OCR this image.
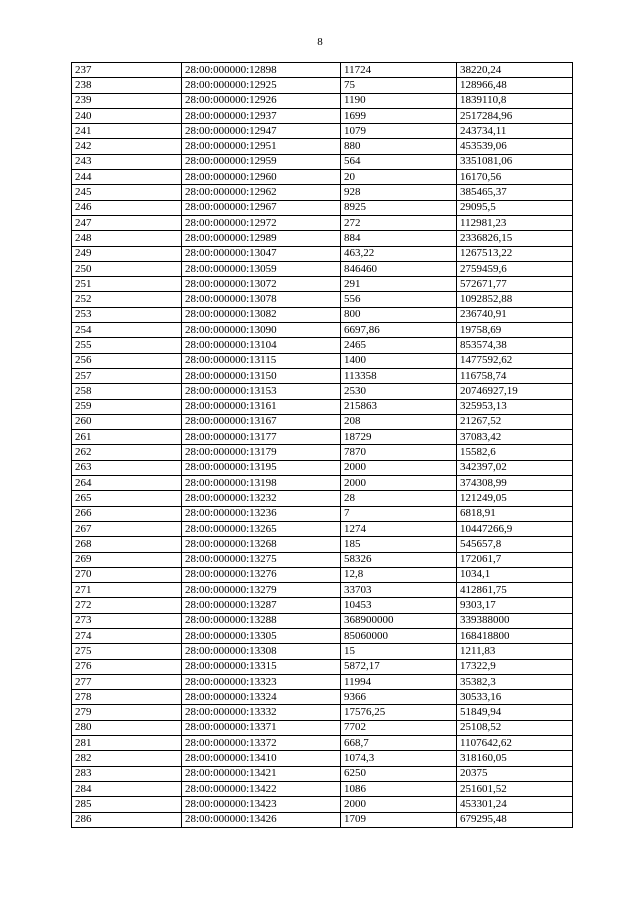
8
237	28:00:000000:12898	11724	38220,24
238	28:00:000000:12925	75	128966,48
239	28:00:000000:12926	1190	1839110,8
240	28:00:000000:12937	1699	2517284,96
241	28:00:000000:12947	1079	243734,11
242	28:00:000000:12951	880	453539,06
243	28:00:000000:12959	564	3351081,06
244	28:00:000000:12960	20	16170,56
245	28:00:000000:12962	928	385465,37
246	28:00:000000:12967	8925	29095,5
247	28:00:000000:12972	272	112981,23
248	28:00:000000:12989	884	2336826,15
249	28:00:000000:13047	463,22	1267513,22
250	28:00:000000:13059	846460	2759459,6
251	28:00:000000:13072	291	572671,77
252	28:00:000000:13078	556	1092852,88
253	28:00:000000:13082	800	236740,91
254	28:00:000000:13090	6697,86	19758,69
255	28:00:000000:13104	2465	853574,38
256	28:00:000000:13115	1400	1477592,62
257	28:00:000000:13150	113358	116758,74
258	28:00:000000:13153	2530	20746927,19
259	28:00:000000:13161	215863	325953,13
260	28:00:000000:13167	208	21267,52
261	28:00:000000:13177	18729	37083,42
262	28:00:000000:13179	7870	15582,6
263	28:00:000000:13195	2000	342397,02
264	28:00:000000:13198	2000	374308,99
265	28:00:000000:13232	28	121249,05
266	28:00:000000:13236	7	6818,91
267	28:00:000000:13265	1274	10447266,9
268	28:00:000000:13268	185	545657,8
269	28:00:000000:13275	58326	172061,7
270	28:00:000000:13276	12,8	1034,1
271	28:00:000000:13279	33703	412861,75
272	28:00:000000:13287	10453	9303,17
273	28:00:000000:13288	368900000	339388000
274	28:00:000000:13305	85060000	168418800
275	28:00:000000:13308	15	1211,83
276	28:00:000000:13315	5872,17	17322,9
277	28:00:000000:13323	11994	35382,3
278	28:00:000000:13324	9366	30533,16
279	28:00:000000:13332	17576,25	51849,94
280	28:00:000000:13371	7702	25108,52
281	28:00:000000:13372	668,7	1107642,62
282	28:00:000000:13410	1074,3	318160,05
283	28:00:000000:13421	6250	20375
284	28:00:000000:13422	1086	251601,52
285	28:00:000000:13423	2000	453301,24
286	28:00:000000:13426	1709	679295,48
